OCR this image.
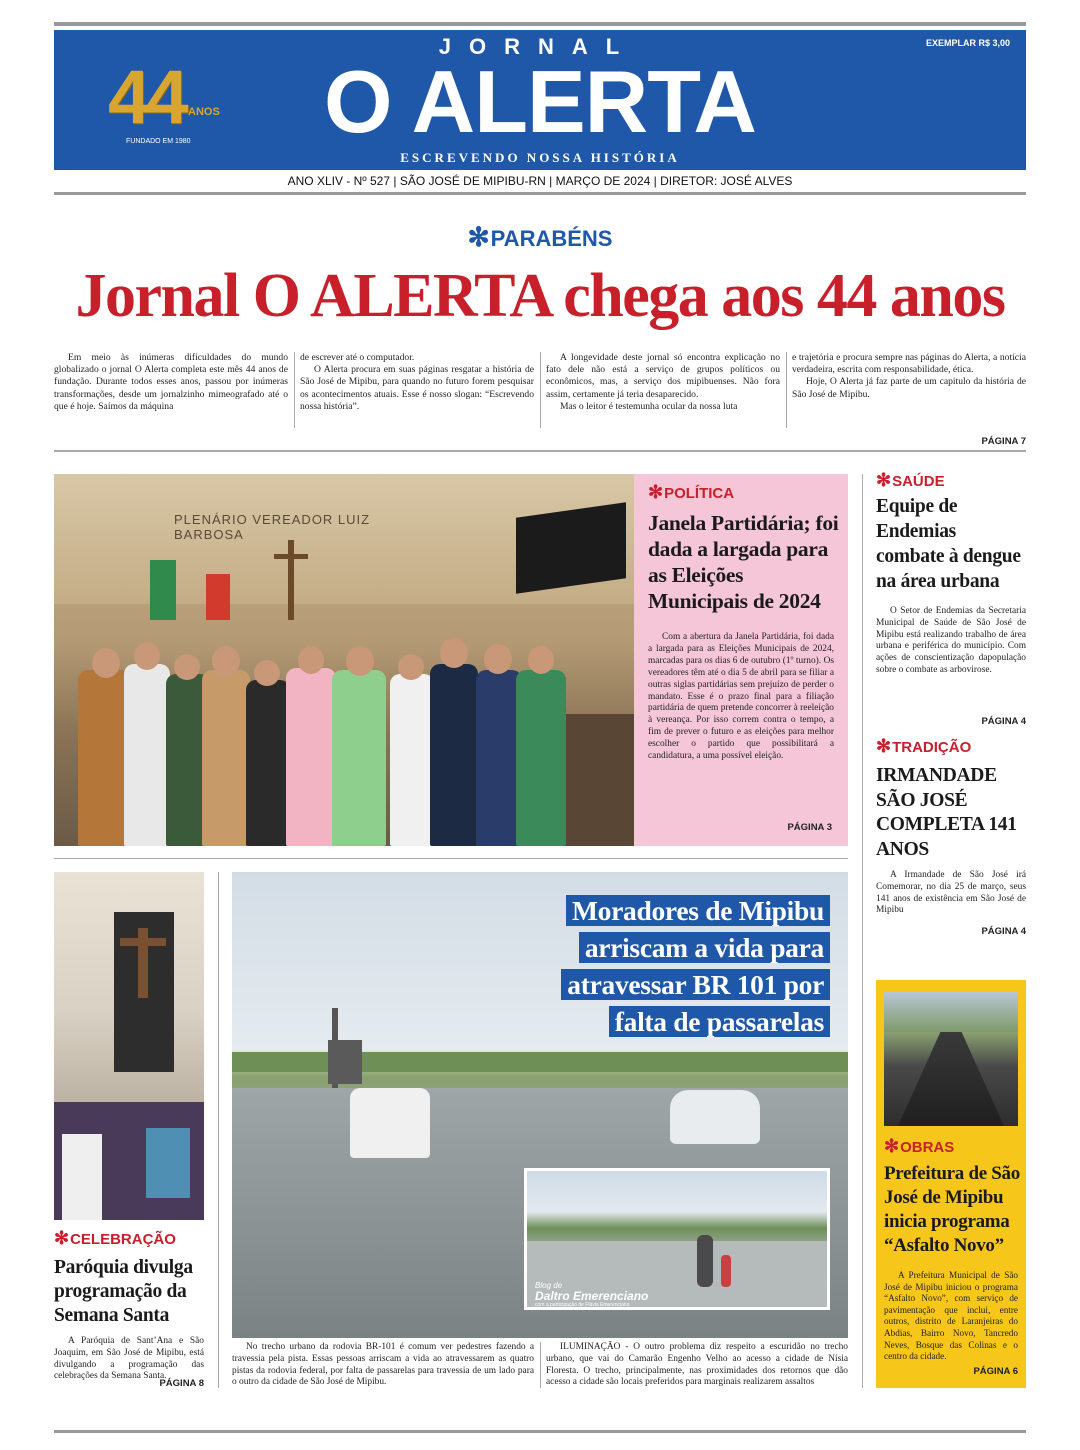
44 ANOS
FUNDADO EM 1980
JORNAL
O ALERTA
ESCREVENDO NOSSA HISTÓRIA
EXEMPLAR R$ 3,00
ANO XLIV - Nº 527 | SÃO JOSÉ DE MIPIBU-RN | MARÇO DE 2024 | DIRETOR: JOSÉ ALVES
✻PARABÉNS
Jornal O ALERTA chega aos 44 anos

Em meio às inúmeras dificuldades do mundo globalizado o jornal O Alerta completa este mês 44 anos de fundação. Durante todos esses anos, passou por inúmeras transformações, desde um jornalzinho mimeografado até o que é hoje. Saímos da máquina

de escrever até o computador.

O Alerta procura em suas páginas resgatar a história de São José de Mipibu, para quando no futuro forem pesquisar os acontecimentos atuais. Esse é nosso slogan: “Escrevendo nossa história”.

A longevidade deste jornal só encontra explicação no fato dele não está a serviço de grupos políticos ou econômicos, mas, a serviço dos mipibuenses. Não fora assim, certamente já teria desaparecido.

Mas o leitor é testemunha ocular da nossa luta

e trajetória e procura sempre nas páginas do Alerta, a notícia verdadeira, escrita com responsabilidade, ética.

Hoje, O Alerta já faz parte de um capítulo da história de São José de Mipibu.

PÁGINA 7
PLENÁRIO VEREADOR LUIZ BARBOSA
✻POLÍTICA
Janela Partidária; foi dada a largada para as Eleições Municipais de 2024

Com a abertura da Janela Partidária, foi dada a largada para as Eleições Municipais de 2024, marcadas para os dias 6 de outubro (1º turno). Os vereadores têm até o dia 5 de abril para se filiar a outras siglas partidárias sem prejuízo de perder o mandato. Esse é o prazo final para a filiação partidária de quem pretende concorrer à reeleição à vereança. Por isso correm contra o tempo, a fim de prever o futuro e as eleições para melhor escolher o partido que possibilitará a candidatura, a uma possível eleição.

PÁGINA 3
✻SAÚDE
Equipe de Endemias combate à dengue na área urbana

O Setor de Endemias da Secretaria Municipal de Saúde de São José de Mipibu está realizando trabalho de área urbana e periférica do município. Com ações de conscientização dapopulação sobre o combate as arbovirose.

PÁGINA 4
✻TRADIÇÃO
IRMANDADE SÃO JOSÉ COMPLETA 141 ANOS

A Irmandade de São José irá Comemorar, no dia 25 de março, seus 141 anos de existência em São José de Mipibu

PÁGINA 4
✻CELEBRAÇÃO
Paróquia divulga programação da Semana Santa

A Paróquia de Sant’Ana e São Joaquim, em São José de Mipibu, está divulgando a programação das celebrações da Semana Santa.

PÁGINA 8
Moradores de Mipibu
arriscam a vida para
atravessar BR 101 por
falta de passarelas
Blog de
Daltro Emerenciano
com a participação de Flávia Emerenciano

No trecho urbano da rodovia BR-101 é comum ver pedestres fazendo a travessia pela pista. Essas pessoas arriscam a vida ao atravessarem as quatro pistas da rodovia federal, por falta de passarelas para travessia de um lado para o outro da cidade de São José de Mipibu.

ILUMINAÇÃO - O outro problema diz respeito a escuridão no trecho urbano, que vai do Camarão Engenho Velho ao acesso a cidade de Nísia Floresta. O trecho, principalmente, nas proximidades dos retornos que dão acesso a cidade são locais preferidos para marginais realizarem assaltos

✻OBRAS
Prefeitura de São José de Mipibu inicia programa “Asfalto Novo”

A Prefeitura Municipal de São José de Mipibu iniciou o programa “Asfalto Novo”, com serviço de pavimentação que inclui, entre outros, distrito de Laranjeiras do Abdias, Bairro Novo, Tancredo Neves, Bosque das Colinas e o centro da cidade.

PÁGINA 6
